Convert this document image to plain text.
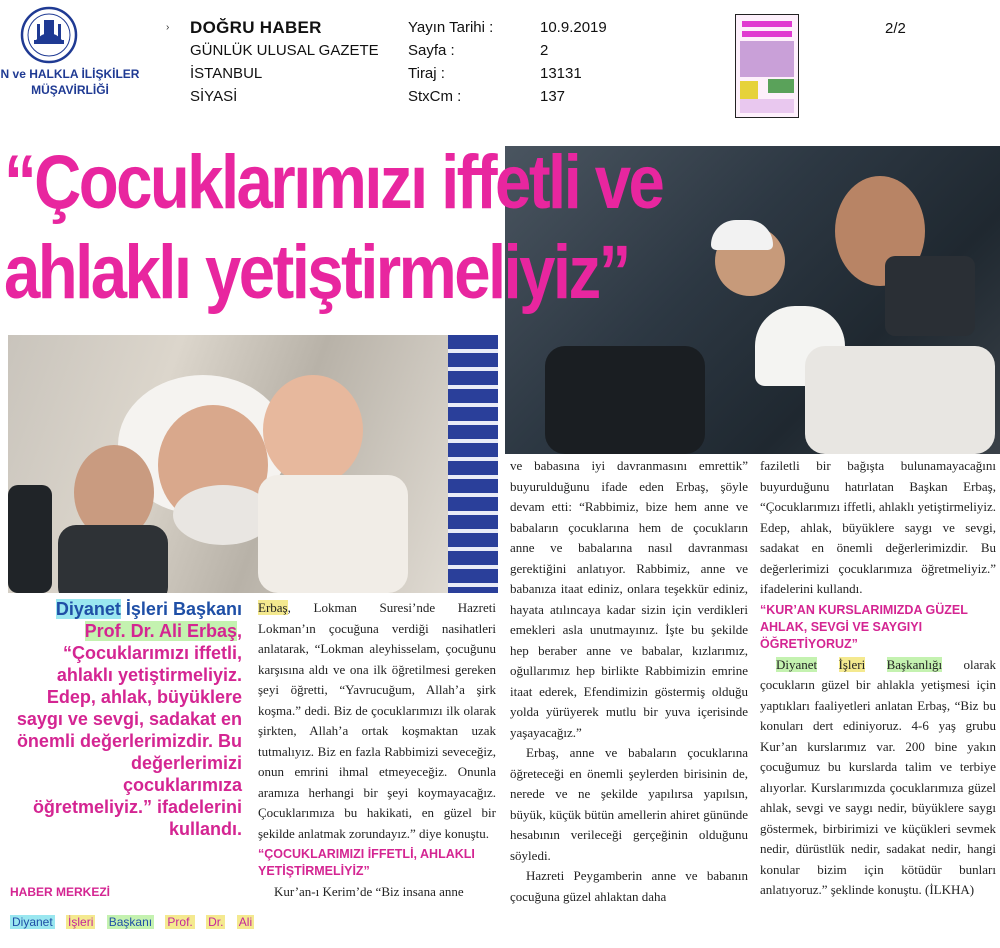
N ve HALKLA İLİŞKİLER
MÜŞAVİRLİĞİ
› DOĞRU HABER
GÜNLÜK ULUSAL GAZETE
İSTANBUL
SİYASİ
Yayın Tarihi :
Sayfa :
Tiraj :
StxCm :
10.9.2019
2
13131
137
2/2
“Çocuklarımızı iffetli ve
ahlaklı yetiştirmeliyiz”
Diyanet İşleri Başkanı
Prof. Dr. Ali Erbaş,
“Çocuklarımızı iffetli, ahlaklı yetiştirmeliyiz. Edep, ahlak, büyüklere saygı ve sevgi, sadakat en önemli değerlerimizdir. Bu değerlerimizi çocuklarımıza öğretmeliyiz.” ifadelerini kullandı.
HABER MERKEZİ
Diyanet İşleri Başkanı Prof. Dr. Ali

Erbaş, Lokman Suresi’nde Hazreti Lokman’ın çocuğuna verdiği nasihatleri anlatarak, “Lokman aleyhisselam, çocuğunu karşısına aldı ve ona ilk öğretilmesi gereken şeyi öğretti, “Yavrucuğum, Allah’a şirk koşma.” dedi. Biz de çocuklarımızı ilk olarak şirkten, Allah’a ortak koşmaktan uzak tutmalıyız. Biz en fazla Rabbimizi seveceğiz, onun emrini ihmal etmeyeceğiz. Onunla aramıza herhangi bir şeyi koymayacağız. Çocuklarımıza bu hakikati, en güzel bir şekilde anlatmak zorundayız.” diye konuştu.

“ÇOCUKLARIMIZI İFFETLİ, AHLAKLI YETİŞTİRMELİYİZ”

Kur’an-ı Kerim’de “Biz insana anne

ve babasına iyi davranmasını emrettik” buyurulduğunu ifade eden Erbaş, şöyle devam etti: “Rabbimiz, bize hem anne ve babaların çocuklarına hem de çocukların anne ve babalarına nasıl davranması gerektiğini anlatıyor. Rabbimiz, anne ve babanıza itaat ediniz, onlara teşekkür ediniz, hayata atılıncaya kadar sizin için verdikleri emekleri asla unutmayınız. İşte bu şekilde hep beraber anne ve babalar, kızlarımız, oğullarımız hep birlikte Rabbimizin emrine itaat ederek, Efendimizin göstermiş olduğu yolda yürüyerek mutlu bir yuva içerisinde yaşayacağız.”

Erbaş, anne ve babaların çocuklarına öğreteceği en önemli şeylerden birisinin de, nerede ve ne şekilde yapılırsa yapılsın, büyük, küçük bütün amellerin ahiret gününde hesabının verileceği gerçeğinin olduğunu söyledi.

Hazreti Peygamberin anne ve babanın çocuğuna güzel ahlaktan daha

faziletli bir bağışta bulunamayacağını buyurduğunu hatırlatan Başkan Erbaş, “Çocuklarımızı iffetli, ahlaklı yetiştirmeliyiz. Edep, ahlak, büyüklere saygı ve sevgi, sadakat en önemli değerlerimizdir. Bu değerlerimizi çocuklarımıza öğretmeliyiz.” ifadelerini kullandı.

“KUR’AN KURSLARIMIZDA GÜZEL AHLAK, SEVGİ VE SAYGIYI ÖĞRETİYORUZ”

Diyanet İşleri Başkanlığı olarak çocukların güzel bir ahlakla yetişmesi için yaptıkları faaliyetleri anlatan Erbaş, “Biz bu konuları dert ediniyoruz. 4-6 yaş grubu Kur’an kurslarımız var. 200 bine yakın çocuğumuz bu kurslarda talim ve terbiye alıyorlar. Kurslarımızda çocuklarımıza güzel ahlak, sevgi ve saygı nedir, büyüklere saygı göstermek, birbirimizi ve küçükleri sevmek nedir, dürüstlük nedir, sadakat nedir, hangi konular bizim için kötüdür bunları anlatıyoruz.” şeklinde konuştu. (İLKHA)
